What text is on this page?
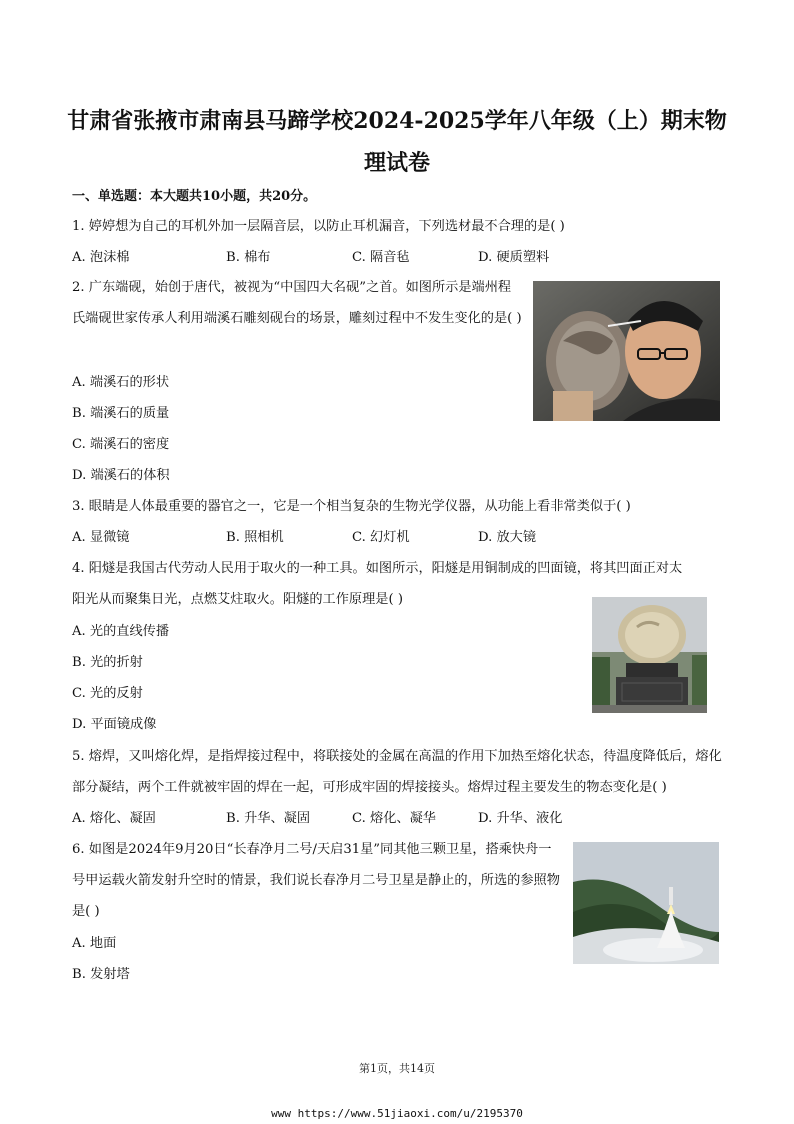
甘肃省张掖市肃南县马蹄学校2024-2025学年八年级（上）期末物理试卷
一、单选题：本大题共10小题，共20分。
1. 婷婷想为自己的耳机外加一层隔音层，以防止耳机漏音，下列选材最不合理的是( )
A. 泡沫棉	B. 棉布	C. 隔音毡	D. 硬质塑料
2. 广东端砚，始创于唐代，被视为“中国四大名砚”之首。如图所示是端州程氏端砚世家传承人利用端溪石雕刻砚台的场景，雕刻过程中不发生变化的是( )
A. 端溪石的形状
B. 端溪石的质量
C. 端溪石的密度
D. 端溪石的体积
3. 眼睛是人体最重要的器官之一，它是一个相当复杂的生物光学仪器，从功能上看非常类似于( )
A. 显微镜	B. 照相机	C. 幻灯机	D. 放大镜
4. 阳燧是我国古代劳动人民用于取火的一种工具。如图所示，阳燧是用铜制成的凹面镜，将其凹面正对太
阳光从而聚集日光，点燃艾炷取火。阳燧的工作原理是( )
A. 光的直线传播
B. 光的折射
C. 光的反射
D. 平面镜成像
5. 熔焊，又叫熔化焊，是指焊接过程中，将联接处的金属在高温的作用下加热至熔化状态，待温度降低后，熔化部分凝结，两个工件就被牢固的焊在一起，可形成牢固的焊接接头。熔焊过程主要发生的物态变化是( )
A. 熔化、凝固	B. 升华、凝固	C. 熔化、凝华	D. 升华、液化
6. 如图是2024年9月20日“长春净月二号/天启31星”同其他三颗卫星，搭乘快舟一号甲运载火箭发射升空时的情景，我们说长春净月二号卫星是静止的，所选的参照物是( )
A. 地面
B. 发射塔
第1页，共14页
www https://www.51jiaoxi.com/u/2195370
